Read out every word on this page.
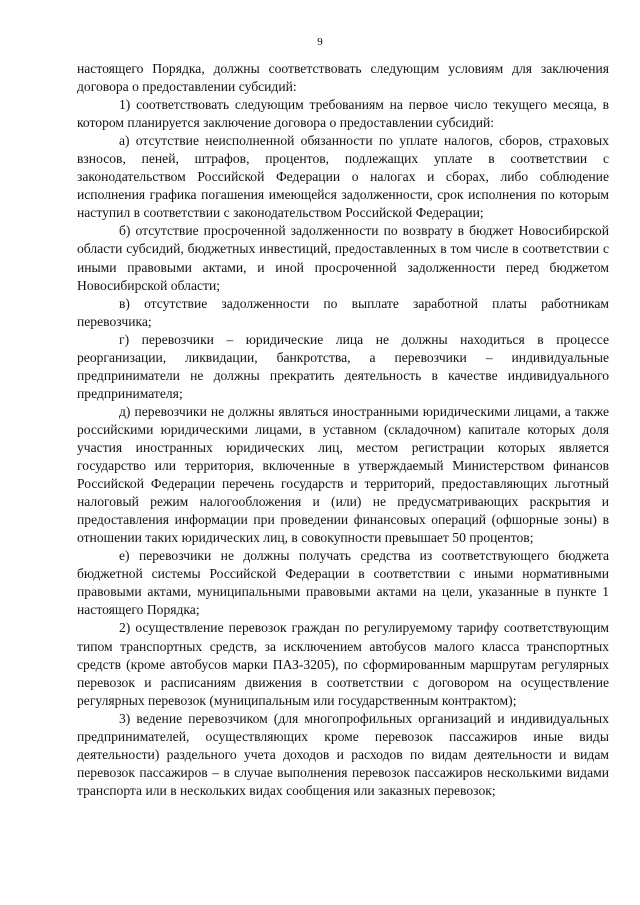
9

настоящего Порядка, должны соответствовать следующим условиям для заключения договора о предоставлении субсидий:

1) соответствовать следующим требованиям на первое число текущего месяца, в котором планируется заключение договора о предоставлении субсидий:

а) отсутствие неисполненной обязанности по уплате налогов, сборов, страховых взносов, пеней, штрафов, процентов, подлежащих уплате в соответствии с законодательством Российской Федерации о налогах и сборах, либо соблюдение исполнения графика погашения имеющейся задолженности, срок исполнения по которым наступил в соответствии с законодательством Российской Федерации;

б) отсутствие просроченной задолженности по возврату в бюджет Новосибирской области субсидий, бюджетных инвестиций, предоставленных в том числе в соответствии с иными правовыми актами, и иной просроченной задолженности перед бюджетом Новосибирской области;

в) отсутствие задолженности по выплате заработной платы работникам перевозчика;

г) перевозчики – юридические лица не должны находиться в процессе реорганизации, ликвидации, банкротства, а перевозчики – индивидуальные предприниматели не должны прекратить деятельность в качестве индивидуального предпринимателя;

д) перевозчики не должны являться иностранными юридическими лицами, а также российскими юридическими лицами, в уставном (складочном) капитале которых доля участия иностранных юридических лиц, местом регистрации которых является государство или территория, включенные в утверждаемый Министерством финансов Российской Федерации перечень государств и территорий, предоставляющих льготный налоговый режим налогообложения и (или) не предусматривающих раскрытия и предоставления информации при проведении финансовых операций (офшорные зоны) в отношении таких юридических лиц, в совокупности превышает 50 процентов;

е) перевозчики не должны получать средства из соответствующего бюджета бюджетной системы Российской Федерации в соответствии с иными нормативными правовыми актами, муниципальными правовыми актами на цели, указанные в пункте 1 настоящего Порядка;

2) осуществление перевозок граждан по регулируемому тарифу соответствующим типом транспортных средств, за исключением автобусов малого класса транспортных средств (кроме автобусов марки ПАЗ-3205), по сформированным маршрутам регулярных перевозок и расписаниям движения в соответствии с договором на осуществление регулярных перевозок (муниципальным или государственным контрактом);

3) ведение перевозчиком (для многопрофильных организаций и индивидуальных предпринимателей, осуществляющих кроме перевозок пассажиров иные виды деятельности) раздельного учета доходов и расходов по видам деятельности и видам перевозок пассажиров – в случае выполнения перевозок пассажиров несколькими видами транспорта или в нескольких видах сообщения или заказных перевозок;
